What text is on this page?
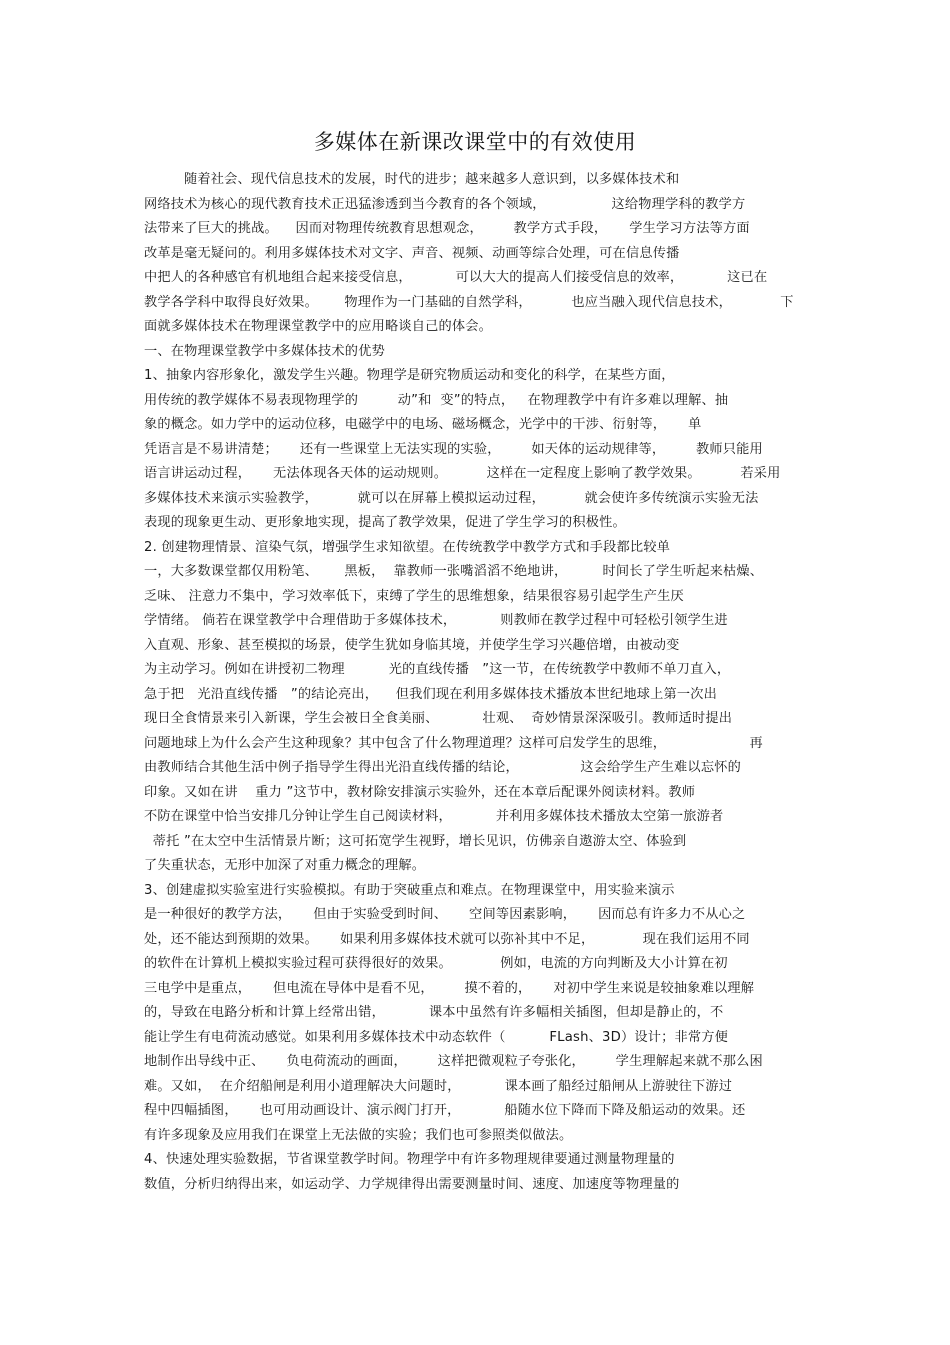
多媒体在新课改课堂中的有效使用
随着社会、现代信息技术的发展，时代的进步；越来越多人意识到，以多媒体技术和
网络技术为核心的现代教育技术正迅猛渗透到当今教育的各个领域，               这给物理学科的教学方
法带来了巨大的挑战。    因而对物理传统教育思想观念，       教学方式手段，     学生学习方法等方面
改革是毫无疑问的。利用多媒体技术对文字、声音、视频、动画等综合处理，可在信息传播
中把人的各种感官有机地组合起来接受信息，          可以大大的提高人们接受信息的效率，          这已在
教学各学科中取得良好效果。      物理作为一门基础的自然学科，         也应当融入现代信息技术，           下
面就多媒体技术在物理课堂教学中的应用略谈自己的体会。
一、在物理课堂教学中多媒体技术的优势
1、抽象内容形象化，激发学生兴趣。物理学是研究物质运动和变化的科学，在某些方面，
用传统的教学媒体不易表现物理学的         动”和  变”的特点，   在物理教学中有许多难以理解、抽
象的概念。如力学中的运动位移，电磁学中的电场、磁场概念，光学中的干涉、衍射等，     单
凭语言是不易讲清楚；     还有一些课堂上无法实现的实验，       如天体的运动规律等，       教师只能用
语言讲运动过程，     无法体现各天体的运动规则。         这样在一定程度上影响了教学效果。         若采用
多媒体技术来演示实验教学，         就可以在屏幕上模拟运动过程，         就会使许多传统演示实验无法
表现的现象更生动、更形象地实现，提高了教学效果，促进了学生学习的积极性。
2. 创建物理情景、渲染气氛，增强学生求知欲望。在传统教学中教学方式和手段都比较单
一，大多数课堂都仅用粉笔、      黑板，  靠教师一张嘴滔滔不绝地讲，        时间长了学生听起来枯燥、
乏味、 注意力不集中，学习效率低下，束缚了学生的思维想象，结果很容易引起学生产生厌
学情绪。 倘若在课堂教学中合理借助于多媒体技术，          则教师在教学过程中可轻松引领学生进
入直观、形象、甚至模拟的场景，使学生犹如身临其境，并使学生学习兴趣倍增，由被动变
为主动学习。例如在讲授初二物理          光的直线传播   ”这一节，在传统教学中教师不单刀直入，
急于把   光沿直线传播   ”的结论亮出，    但我们现在利用多媒体技术播放本世纪地球上第一次出
现日全食情景来引入新课，学生会被日全食美丽、          壮观、  奇妙情景深深吸引。教师适时提出
问题地球上为什么会产生这种现象？其中包含了什么物理道理？这样可启发学生的思维，                   再
由教师结合其他生活中例子指导学生得出光沿直线传播的结论，              这会给学生产生难以忘怀的
印象。又如在讲    重力 ”这节中，教材除安排演示实验外，还在本章后配课外阅读材料。教师
不防在课堂中恰当安排几分钟让学生自己阅读材料，          并利用多媒体技术播放太空第一旅游者
蒂托 ”在太空中生活情景片断；这可拓宽学生视野，增长见识，仿佛亲自遨游太空、体验到
了失重状态，无形中加深了对重力概念的理解。
3、创建虚拟实验室进行实验模拟。有助于突破重点和难点。在物理课堂中，用实验来演示
是一种很好的教学方法，     但由于实验受到时间、     空间等因素影响，     因而总有许多力不从心之
处，还不能达到预期的效果。     如果利用多媒体技术就可以弥补其中不足，           现在我们运用不同
的软件在计算机上模拟实验过程可获得很好的效果。           例如，电流的方向判断及大小计算在初
三电学中是重点，     但电流在导体中是看不见，       摸不着的，     对初中学生来说是较抽象难以理解
的，导致在电路分析和计算上经常出错，          课本中虽然有许多幅相关插图，但却是静止的，不
能让学生有电荷流动感觉。如果利用多媒体技术中动态软件（          FLash、3D）设计；非常方便
地制作出导线中正、     负电荷流动的画面，       这样把微观粒子夸张化，       学生理解起来就不那么困
难。又如，  在介绍船闸是利用小道理解决大问题时，          课本画了船经过船闸从上游驶往下游过
程中四幅插图，     也可用动画设计、演示阀门打开，          船随水位下降而下降及船运动的效果。还
有许多现象及应用我们在课堂上无法做的实验；我们也可参照类似做法。
4、快速处理实验数据，节省课堂教学时间。物理学中有许多物理规律要通过测量物理量的
数值，分析归纳得出来，如运动学、力学规律得出需要测量时间、速度、加速度等物理量的
